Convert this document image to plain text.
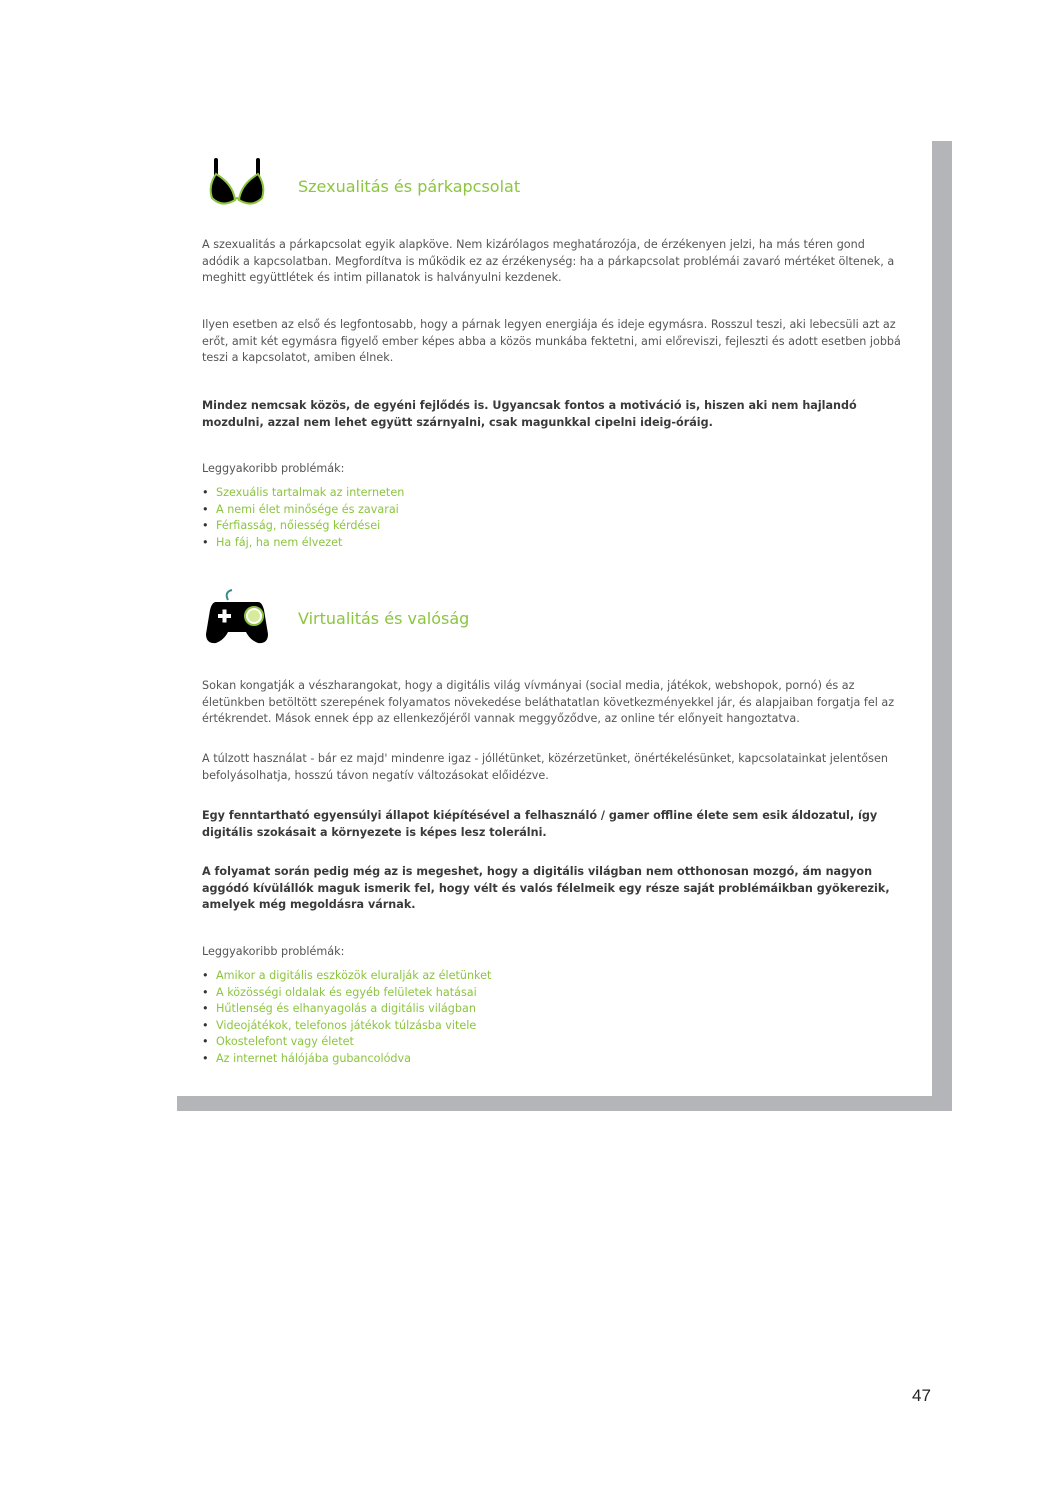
Szexualitás és párkapcsolat

A szexualitás a párkapcsolat egyik alapköve. Nem kizárólagos meghatározója, de érzékenyen jelzi, ha más téren gond adódik a kapcsolatban. Megfordítva is működik ez az érzékenység: ha a párkapcsolat problémái zavaró mértéket öltenek, a meghitt együttlétek és intim pillanatok is halványulni kezdenek.

Ilyen esetben az első és legfontosabb, hogy a párnak legyen energiája és ideje egymásra. Rosszul teszi, aki lebecsüli azt az erőt, amit két egymásra figyelő ember képes abba a közös munkába fektetni, ami előreviszi, fejleszti és adott esetben jobbá teszi a kapcsolatot, amiben élnek.

Mindez nemcsak közös, de egyéni fejlődés is. Ugyancsak fontos a motiváció is, hiszen aki nem hajlandó mozdulni, azzal nem lehet együtt szárnyalni, csak magunkkal cipelni ideig-óráig.

Leggyakoribb problémák:
• Szexuális tartalmak az interneten
• A nemi élet minősége és zavarai
• Férfiasság, nőiesség kérdései
• Ha fáj, ha nem élvezet
Virtualitás és valóság

Sokan kongatják a vészharangokat, hogy a digitális világ vívmányai (social media, játékok, webshopok, pornó) és az életünkben betöltött szerepének folyamatos növekedése beláthatatlan következményekkel jár, és alapjaiban forgatja fel az értékrendet. Mások ennek épp az ellenkezőjéről vannak meggyőződve, az online tér előnyeit hangoztatva.

A túlzott használat - bár ez majd' mindenre igaz - jóllétünket, közérzetünket, önértékelésünket, kapcsolatainkat jelentősen befolyásolhatja, hosszú távon negatív változásokat előidézve.

Egy fenntartható egyensúlyi állapot kiépítésével a felhasználó / gamer offline élete sem esik áldozatul, így digitális szokásait a környezete is képes lesz tolerálni.

A folyamat során pedig még az is megeshet, hogy a digitális világban nem otthonosan mozgó, ám nagyon aggódó kívülállók maguk ismerik fel, hogy vélt és valós félelmeik egy része saját problémáikban gyökerezik, amelyek még megoldásra várnak.

Leggyakoribb problémák:
• Amikor a digitális eszközök eluralják az életünket
• A közösségi oldalak és egyéb felületek hatásai
• Hűtlenség és elhanyagolás a digitális világban
• Videojátékok, telefonos játékok túlzásba vitele
• Okostelefont vagy életet
• Az internet hálójába gubancolódva
47
